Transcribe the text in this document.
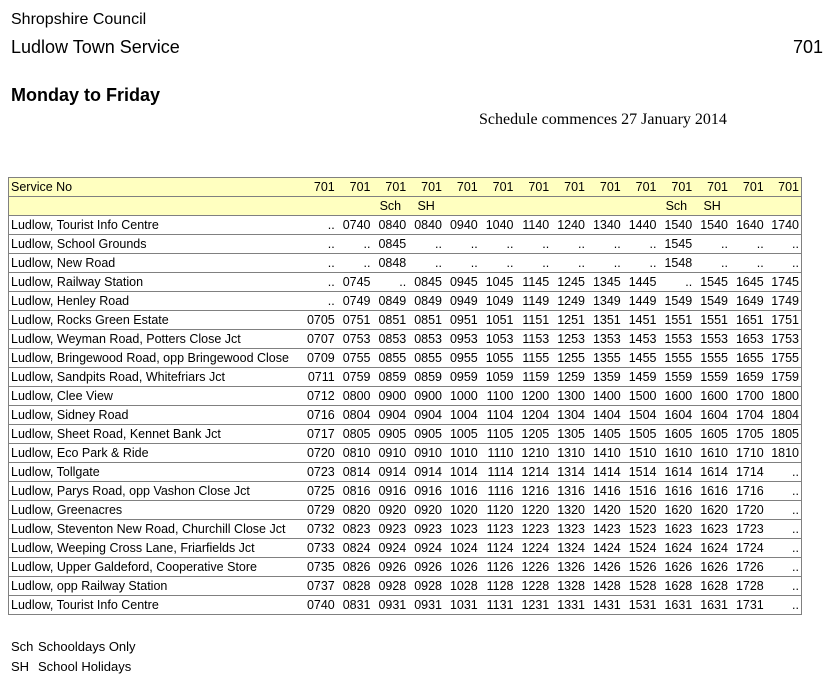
Shropshire Council
Ludlow Town Service	701
Monday to Friday
Schedule commences 27 January 2014
Service No	701	701	701	701	701	701	701	701	701	701	701	701	701	701
			Sch	SH							Sch	SH		
Ludlow, Tourist Info Centre	..	0740	0840	0840	0940	1040	1140	1240	1340	1440	1540	1540	1640	1740
Ludlow, School Grounds	..	..	0845	..	..	..	..	..	..	..	1545	..	..	..
Ludlow, New Road	..	..	0848	..	..	..	..	..	..	..	1548	..	..	..
Ludlow, Railway Station	..	0745	..	0845	0945	1045	1145	1245	1345	1445	..	1545	1645	1745
Ludlow, Henley Road	..	0749	0849	0849	0949	1049	1149	1249	1349	1449	1549	1549	1649	1749
Ludlow, Rocks Green Estate	0705	0751	0851	0851	0951	1051	1151	1251	1351	1451	1551	1551	1651	1751
Ludlow, Weyman Road, Potters Close Jct	0707	0753	0853	0853	0953	1053	1153	1253	1353	1453	1553	1553	1653	1753
Ludlow, Bringewood Road, opp Bringewood Close	0709	0755	0855	0855	0955	1055	1155	1255	1355	1455	1555	1555	1655	1755
Ludlow, Sandpits Road, Whitefriars Jct	0711	0759	0859	0859	0959	1059	1159	1259	1359	1459	1559	1559	1659	1759
Ludlow, Clee View	0712	0800	0900	0900	1000	1100	1200	1300	1400	1500	1600	1600	1700	1800
Ludlow, Sidney Road	0716	0804	0904	0904	1004	1104	1204	1304	1404	1504	1604	1604	1704	1804
Ludlow, Sheet Road, Kennet Bank Jct	0717	0805	0905	0905	1005	1105	1205	1305	1405	1505	1605	1605	1705	1805
Ludlow, Eco Park & Ride	0720	0810	0910	0910	1010	1110	1210	1310	1410	1510	1610	1610	1710	1810
Ludlow, Tollgate	0723	0814	0914	0914	1014	1114	1214	1314	1414	1514	1614	1614	1714	..
Ludlow, Parys Road, opp Vashon Close Jct	0725	0816	0916	0916	1016	1116	1216	1316	1416	1516	1616	1616	1716	..
Ludlow, Greenacres	0729	0820	0920	0920	1020	1120	1220	1320	1420	1520	1620	1620	1720	..
Ludlow, Steventon New Road, Churchill Close Jct	0732	0823	0923	0923	1023	1123	1223	1323	1423	1523	1623	1623	1723	..
Ludlow, Weeping Cross Lane, Friarfields Jct	0733	0824	0924	0924	1024	1124	1224	1324	1424	1524	1624	1624	1724	..
Ludlow, Upper Galdeford, Cooperative Store	0735	0826	0926	0926	1026	1126	1226	1326	1426	1526	1626	1626	1726	..
Ludlow, opp Railway Station	0737	0828	0928	0928	1028	1128	1228	1328	1428	1528	1628	1628	1728	..
Ludlow, Tourist Info Centre	0740	0831	0931	0931	1031	1131	1231	1331	1431	1531	1631	1631	1731	..
Sch Schooldays Only
SH School Holidays
